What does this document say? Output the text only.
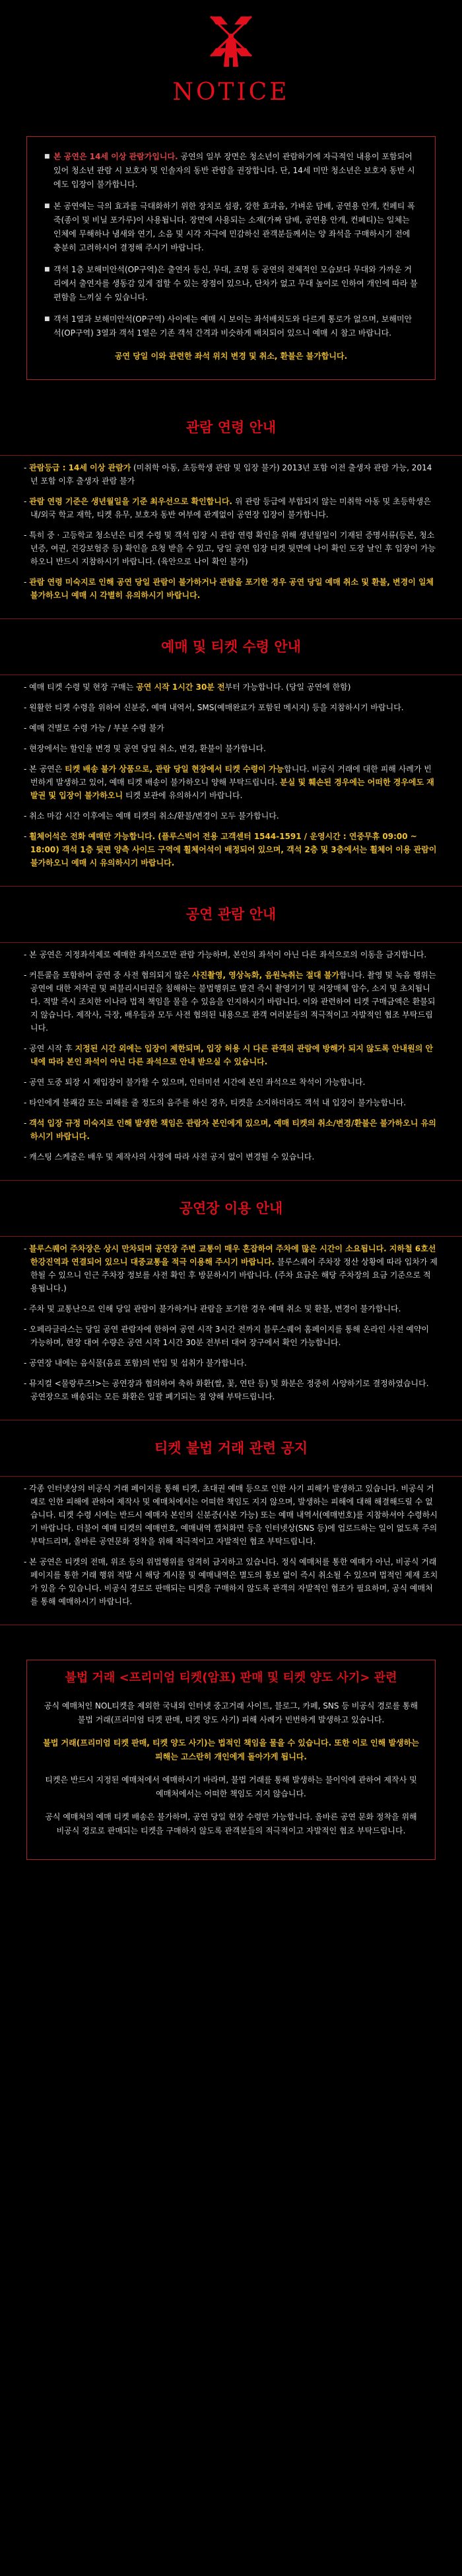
NOTICE
■ 본 공연은 14세 이상 관람가입니다. 공연의 일부 장면은 청소년이 관람하기에 자극적인 내용이 포함되어 있어 청소년 관람 시 보호자 및 인솔자의 동반 관람을 권장합니다. 단, 14세 미만 청소년은 보호자 동반 시에도 입장이 불가합니다.
■ 본 공연에는 극의 효과를 극대화하기 위한 장치로 섬광, 강한 효과음, 가벼운 담배, 공연용 안개, 컨페티 폭죽(종이 및 비닐 포가루)이 사용됩니다. 장면에 사용되는 소재(가짜 담배, 공연용 안개, 컨페티)는 일체는 인체에 무해하나 냄새와 연기, 소음 및 시각 자극에 민감하신 관객분들께서는 양 좌석을 구매하시기 전에 충분히 고려하시어 결정해 주시기 바랍니다.
■ 객석 1층 보해미안석(OP구역)은 출연자 등신, 무대, 조명 등 공연의 전체적인 모습보다 무대와 가까운 거리에서 출연자를 생동감 있게 접할 수 있는 장점이 있으나, 단차가 없고 무대 높이로 인하여 개인에 따라 불편함을 느끼실 수 있습니다.
■ 객석 1열과 보해미안석(OP구역) 사이에는 예매 시 보이는 좌석배치도와 다르게 통로가 없으며, 보해미안석(OP구역) 3열과 객석 1열은 기존 객석 간격과 비슷하게 배치되어 있으니 예매 시 참고 바랍니다.
공연 당일 이와 관련한 좌석 위치 변경 및 취소, 환불은 불가합니다.
관람 연령 안내
- 관람등급 : 14세 이상 관람가 (미취학 아동, 초등학생 관람 및 입장 불가) 2013년 포함 이전 출생자 관람 가능, 2014년 포함 이후 출생자 관람 불가
- 관람 연령 기준은 생년월일을 기준 최우선으로 확인합니다. 위 관람 등급에 부합되지 않는 미취학 아동 및 초등학생은 내/외국 학교 재학, 티켓 유무, 보호자 동반 여부에 관계없이 공연장 입장이 불가합니다.
- 특히 중 · 고등학교 청소년은 티켓 수령 및 객석 입장 시 관람 연령 확인을 위해 생년월일이 기재된 증명서류(등본, 청소년증, 여권, 건강보험증 등) 확인을 요청 받을 수 있고, 당일 공연 입장 티켓 뒷면에 나이 확인 도장 날인 후 입장이 가능하오니 반드시 지참하시기 바랍니다. (육안으로 나이 확인 불가)
- 관람 연령 미숙지로 인해 공연 당일 관람이 불가하거나 관람을 포기한 경우 공연 당일 예매 취소 및 환불, 변경이 일체 불가하오니 예매 시 각별히 유의하시기 바랍니다.
예매 및 티켓 수령 안내
- 예매 티켓 수령 및 현장 구매는 공연 시작 1시간 30분 전부터 가능합니다. (당일 공연에 한함)
- 원활한 티켓 수령을 위하여 신분증, 예매 내역서, SMS(예매완료가 포함된 메시지) 등을 지참하시기 바랍니다.
- 예매 건별로 수령 가능 / 부분 수령 불가
- 현장에서는 할인율 변경 및 공연 당일 취소, 변경, 환불이 불가합니다.
- 본 공연은 티켓 배송 불가 상품으로, 관람 당일 현장에서 티켓 수령이 가능합니다. 비공식 거래에 대한 피해 사례가 빈번하게 발생하고 있어, 예매 티켓 배송이 불가하오니 양해 부탁드립니다. 분실 및 훼손된 경우에는 어떠한 경우에도 재발권 및 입장이 불가하오니 티켓 보관에 유의하시기 바랍니다.
- 취소 마감 시간 이후에는 예매 티켓의 취소/환불/변경이 모두 불가합니다.
- 휠체어석은 전화 예매만 가능합니다. (플루스빅어 전용 고객센터 1544-1591 / 운영시간 : 연중무휴 09:00 ~ 18:00) 객석 1층 뒷편 양측 사이드 구역에 휠체어석이 배정되어 있으며, 객석 2층 및 3층에서는 휠체어 이용 관람이 불가하오니 예매 시 유의하시기 바랍니다.
공연 관람 안내
- 본 공연은 지정좌석제로 예매한 좌석으로만 관람 가능하며, 본인의 좌석이 아닌 다른 좌석으로의 이동을 금지합니다.
- 커튼콜을 포함하여 공연 중 사전 협의되지 않은 사진촬영, 영상녹화, 음원녹취는 절대 불가합니다. 촬영 및 녹음 행위는 공연에 대한 저작권 및 퍼블리시티권을 침해하는 불법행위로 발견 즉시 촬영기기 및 저장매체 압수, 소지 및 초치됩니다. 적발 즉시 조치한 이나라 법적 책임을 물을 수 있음을 인지하시기 바랍니다. 이와 관련하여 티켓 구매금액은 환불되지 않습니다. 제작사, 극장, 배우들과 모두 사전 협의된 내용으로 관객 여러분들의 적극적이고 자발적인 협조 부탁드립니다.
- 공연 시작 후 지정된 시간 외에는 입장이 제한되며, 입장 허용 시 다른 관객의 관람에 방해가 되지 않도록 안내원의 안내에 따라 본인 좌석이 아닌 다른 좌석으로 안내 받으실 수 있습니다.
- 공연 도중 퇴장 시 재입장이 불가할 수 있으며, 인터미션 시간에 본인 좌석으로 착석이 가능합니다.
- 타인에게 불쾌감 또는 피해를 줄 정도의 음주를 하신 경우, 티켓을 소지하더라도 객석 내 입장이 불가능합니다.
- 객석 입장 규정 미숙지로 인해 발생한 책임은 관람자 본인에게 있으며, 예매 티켓의 취소/변경/환불은 불가하오니 유의하시기 바랍니다.
- 캐스팅 스케줄은 배우 및 제작사의 사정에 따라 사전 공지 없이 변경될 수 있습니다.
공연장 이용 안내
- 블루스퀘어 주차장은 상시 만차되며 공연장 주변 교통이 매우 혼잡하여 주차에 많은 시간이 소요됩니다. 지하철 6호선 한강진역과 연결되어 있으니 대중교통을 적극 이용해 주시기 바랍니다. 블루스퀘어 주차장 정산 상황에 따라 입차가 제한될 수 있으니 인근 주차장 정보를 사전 확인 후 방문하시기 바랍니다. (주차 요금은 해당 주차장의 요금 기준으로 적용됩니다.)
- 주차 및 교통난으로 인해 당일 관람이 불가하거나 관람을 포기한 경우 예매 취소 및 환불, 변경이 불가합니다.
- 오페라글라스는 당일 공연 관람자에 한하여 공연 시작 3시간 전까지 블루스퀘어 홈페이지를 통해 온라인 사전 예약이 가능하며, 현장 대여 수량은 공연 시작 1시간 30분 전부터 대여 장구에서 확인 가능합니다.
- 공연장 내에는 음식물(음료 포함)의 반입 및 섭취가 불가합니다.
- 뮤지컬 <물랑루즈!>는 공연장과 협의하여 축하 화환(쌀, 꽃, 연탄 등) 및 화분은 정중히 사양하기로 결정하였습니다. 공연장으로 배송되는 모든 화환은 일괄 폐기되는 점 양해 부탁드립니다.
티켓 불법 거래 관련 공지
- 각종 인터넷상의 비공식 거래 페이지를 통해 티켓, 초대권 예매 등으로 인한 사기 피해가 발생하고 있습니다. 비공식 거래로 인한 피해에 관하여 제작사 및 예매처에서는 어떠한 책임도 지지 않으며, 발생하는 피해에 대해 해결해드릴 수 없습니다. 티켓 수령 시에는 반드시 예매자 본인의 신분증(사본 가능) 또는 예매 내역서(예매번호)를 지참하셔야 수령하시기 바랍니다. 더불어 예매 티켓의 예매번호, 예매내역 캡처화면 등을 인터넷상(SNS 등)에 업로드하는 일이 없도록 주의 부탁드리며, 올바른 공연문화 정착을 위해 적극적이고 자발적인 협조 부탁드립니다.
- 본 공연은 티켓의 전매, 위조 등의 위법행위를 엄격히 금지하고 있습니다. 정식 예매처를 통한 예매가 아닌, 비공식 거래 페이지를 통한 거래 행위 적발 시 해당 게시물 및 예매내역은 별도의 통보 없이 즉시 취소될 수 있으며 법적인 제재 조치가 있을 수 있습니다. 비공식 경로로 판매되는 티켓을 구매하지 않도록 관객의 자발적인 협조가 필요하며, 공식 예매처를 통해 예매하시기 바랍니다.
불법 거래 <프리미엄 티켓(암표) 판매 및 티켓 양도 사기> 관련

공식 예매처인 NOL티켓을 제외한 국내외 인터넷 중고거래 사이트, 블로그, 카페, SNS 등 비공식 경로를 통해 불법 거래(프리미엄 티켓 판매, 티켓 양도 사기) 피해 사례가 빈번하게 발생하고 있습니다.

불법 거래(프리미엄 티켓 판매, 티켓 양도 사기)는 법적인 책임을 물을 수 있습니다. 또한 이로 인해 발생하는 피해는 고스란히 개인에게 돌아가게 됩니다.

티켓은 반드시 지정된 예매처에서 예매하시기 바라며, 불법 거래를 통해 발생하는 불이익에 관하여 제작사 및 예매처에서는 어떠한 책임도 지지 않습니다.

공식 예매처의 예매 티켓 배송은 불가하며, 공연 당일 현장 수령만 가능합니다. 올바른 공연 문화 정착을 위해 비공식 경로로 판매되는 티켓을 구매하지 않도록 관객분들의 적극적이고 자발적인 협조 부탁드립니다.
